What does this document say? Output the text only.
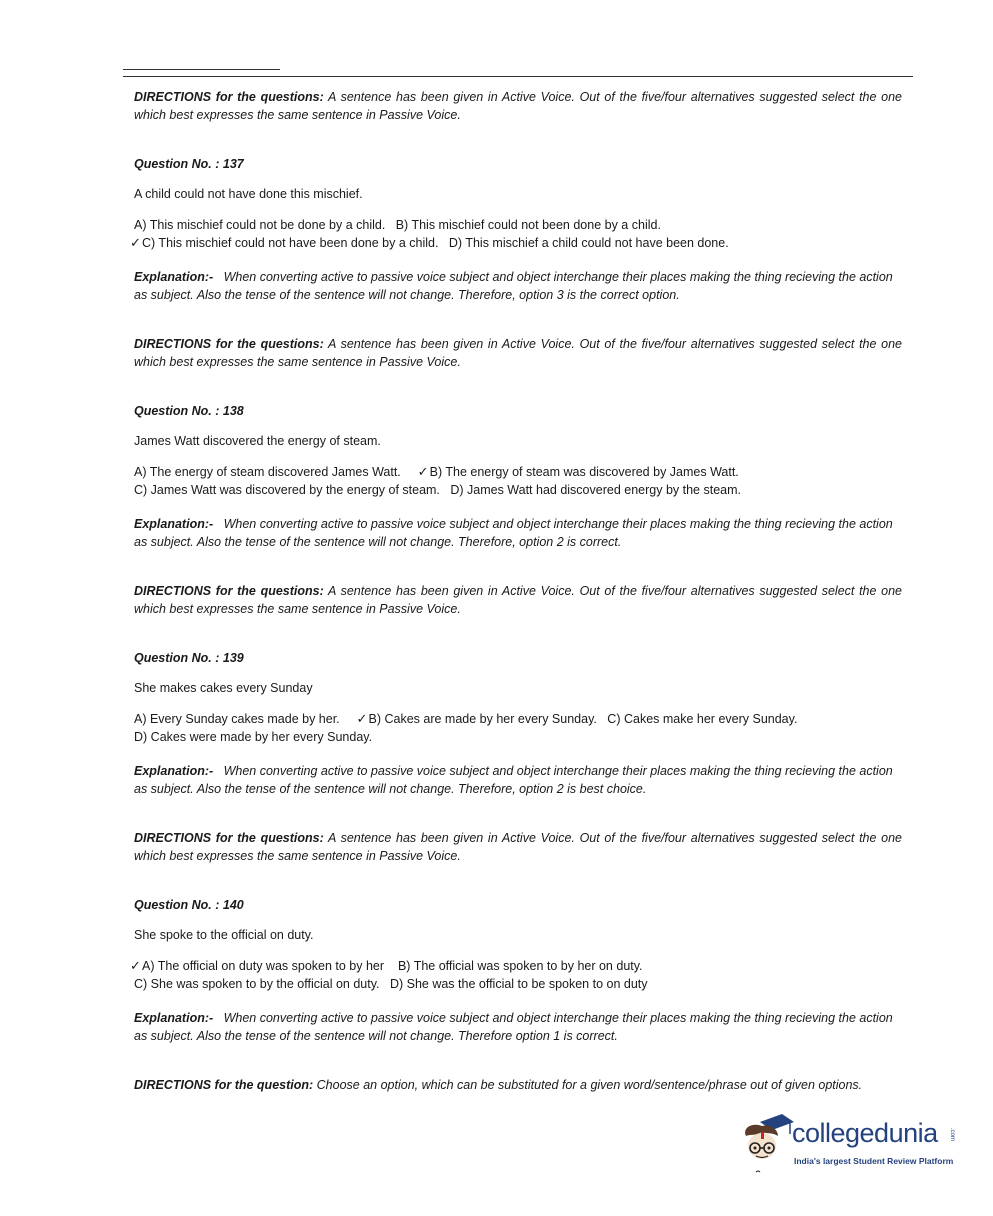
DIRECTIONS for the questions: A sentence has been given in Active Voice. Out of the five/four alternatives suggested select the one which best expresses the same sentence in Passive Voice.

Question No. : 137

A child could not have done this mischief.

A) This mischief could not be done by a child. B) This mischief could not been done by a child.
✓C) This mischief could not have been done by a child. D) This mischief a child could not have been done.

Explanation:- When converting active to passive voice subject and object interchange their places making the thing recieving the action as subject. Also the tense of the sentence will not change. Therefore, option 3 is the correct option.

DIRECTIONS for the questions: A sentence has been given in Active Voice. Out of the five/four alternatives suggested select the one which best expresses the same sentence in Passive Voice.

Question No. : 138

James Watt discovered the energy of steam.

A) The energy of steam discovered James Watt. ✓B) The energy of steam was discovered by James Watt.
C) James Watt was discovered by the energy of steam. D) James Watt had discovered energy by the steam.

Explanation:- When converting active to passive voice subject and object interchange their places making the thing recieving the action as subject. Also the tense of the sentence will not change. Therefore, option 2 is correct.

DIRECTIONS for the questions: A sentence has been given in Active Voice. Out of the five/four alternatives suggested select the one which best expresses the same sentence in Passive Voice.

Question No. : 139

She makes cakes every Sunday

A) Every Sunday cakes made by her. ✓B) Cakes are made by her every Sunday. C) Cakes make her every Sunday.
D) Cakes were made by her every Sunday.

Explanation:- When converting active to passive voice subject and object interchange their places making the thing recieving the action as subject. Also the tense of the sentence will not change. Therefore, option 2 is best choice.

DIRECTIONS for the questions: A sentence has been given in Active Voice. Out of the five/four alternatives suggested select the one which best expresses the same sentence in Passive Voice.

Question No. : 140

She spoke to the official on duty.

✓A) The official on duty was spoken to by her B) The official was spoken to by her on duty.
C) She was spoken to by the official on duty. D) She was the official to be spoken to on duty

Explanation:- When converting active to passive voice subject and object interchange their places making the thing recieving the action as subject. Also the tense of the sentence will not change. Therefore option 1 is correct.

DIRECTIONS for the question: Choose an option, which can be substituted for a given word/sentence/phrase out of given options.

collegedunia .com
India's largest Student Review Platform
